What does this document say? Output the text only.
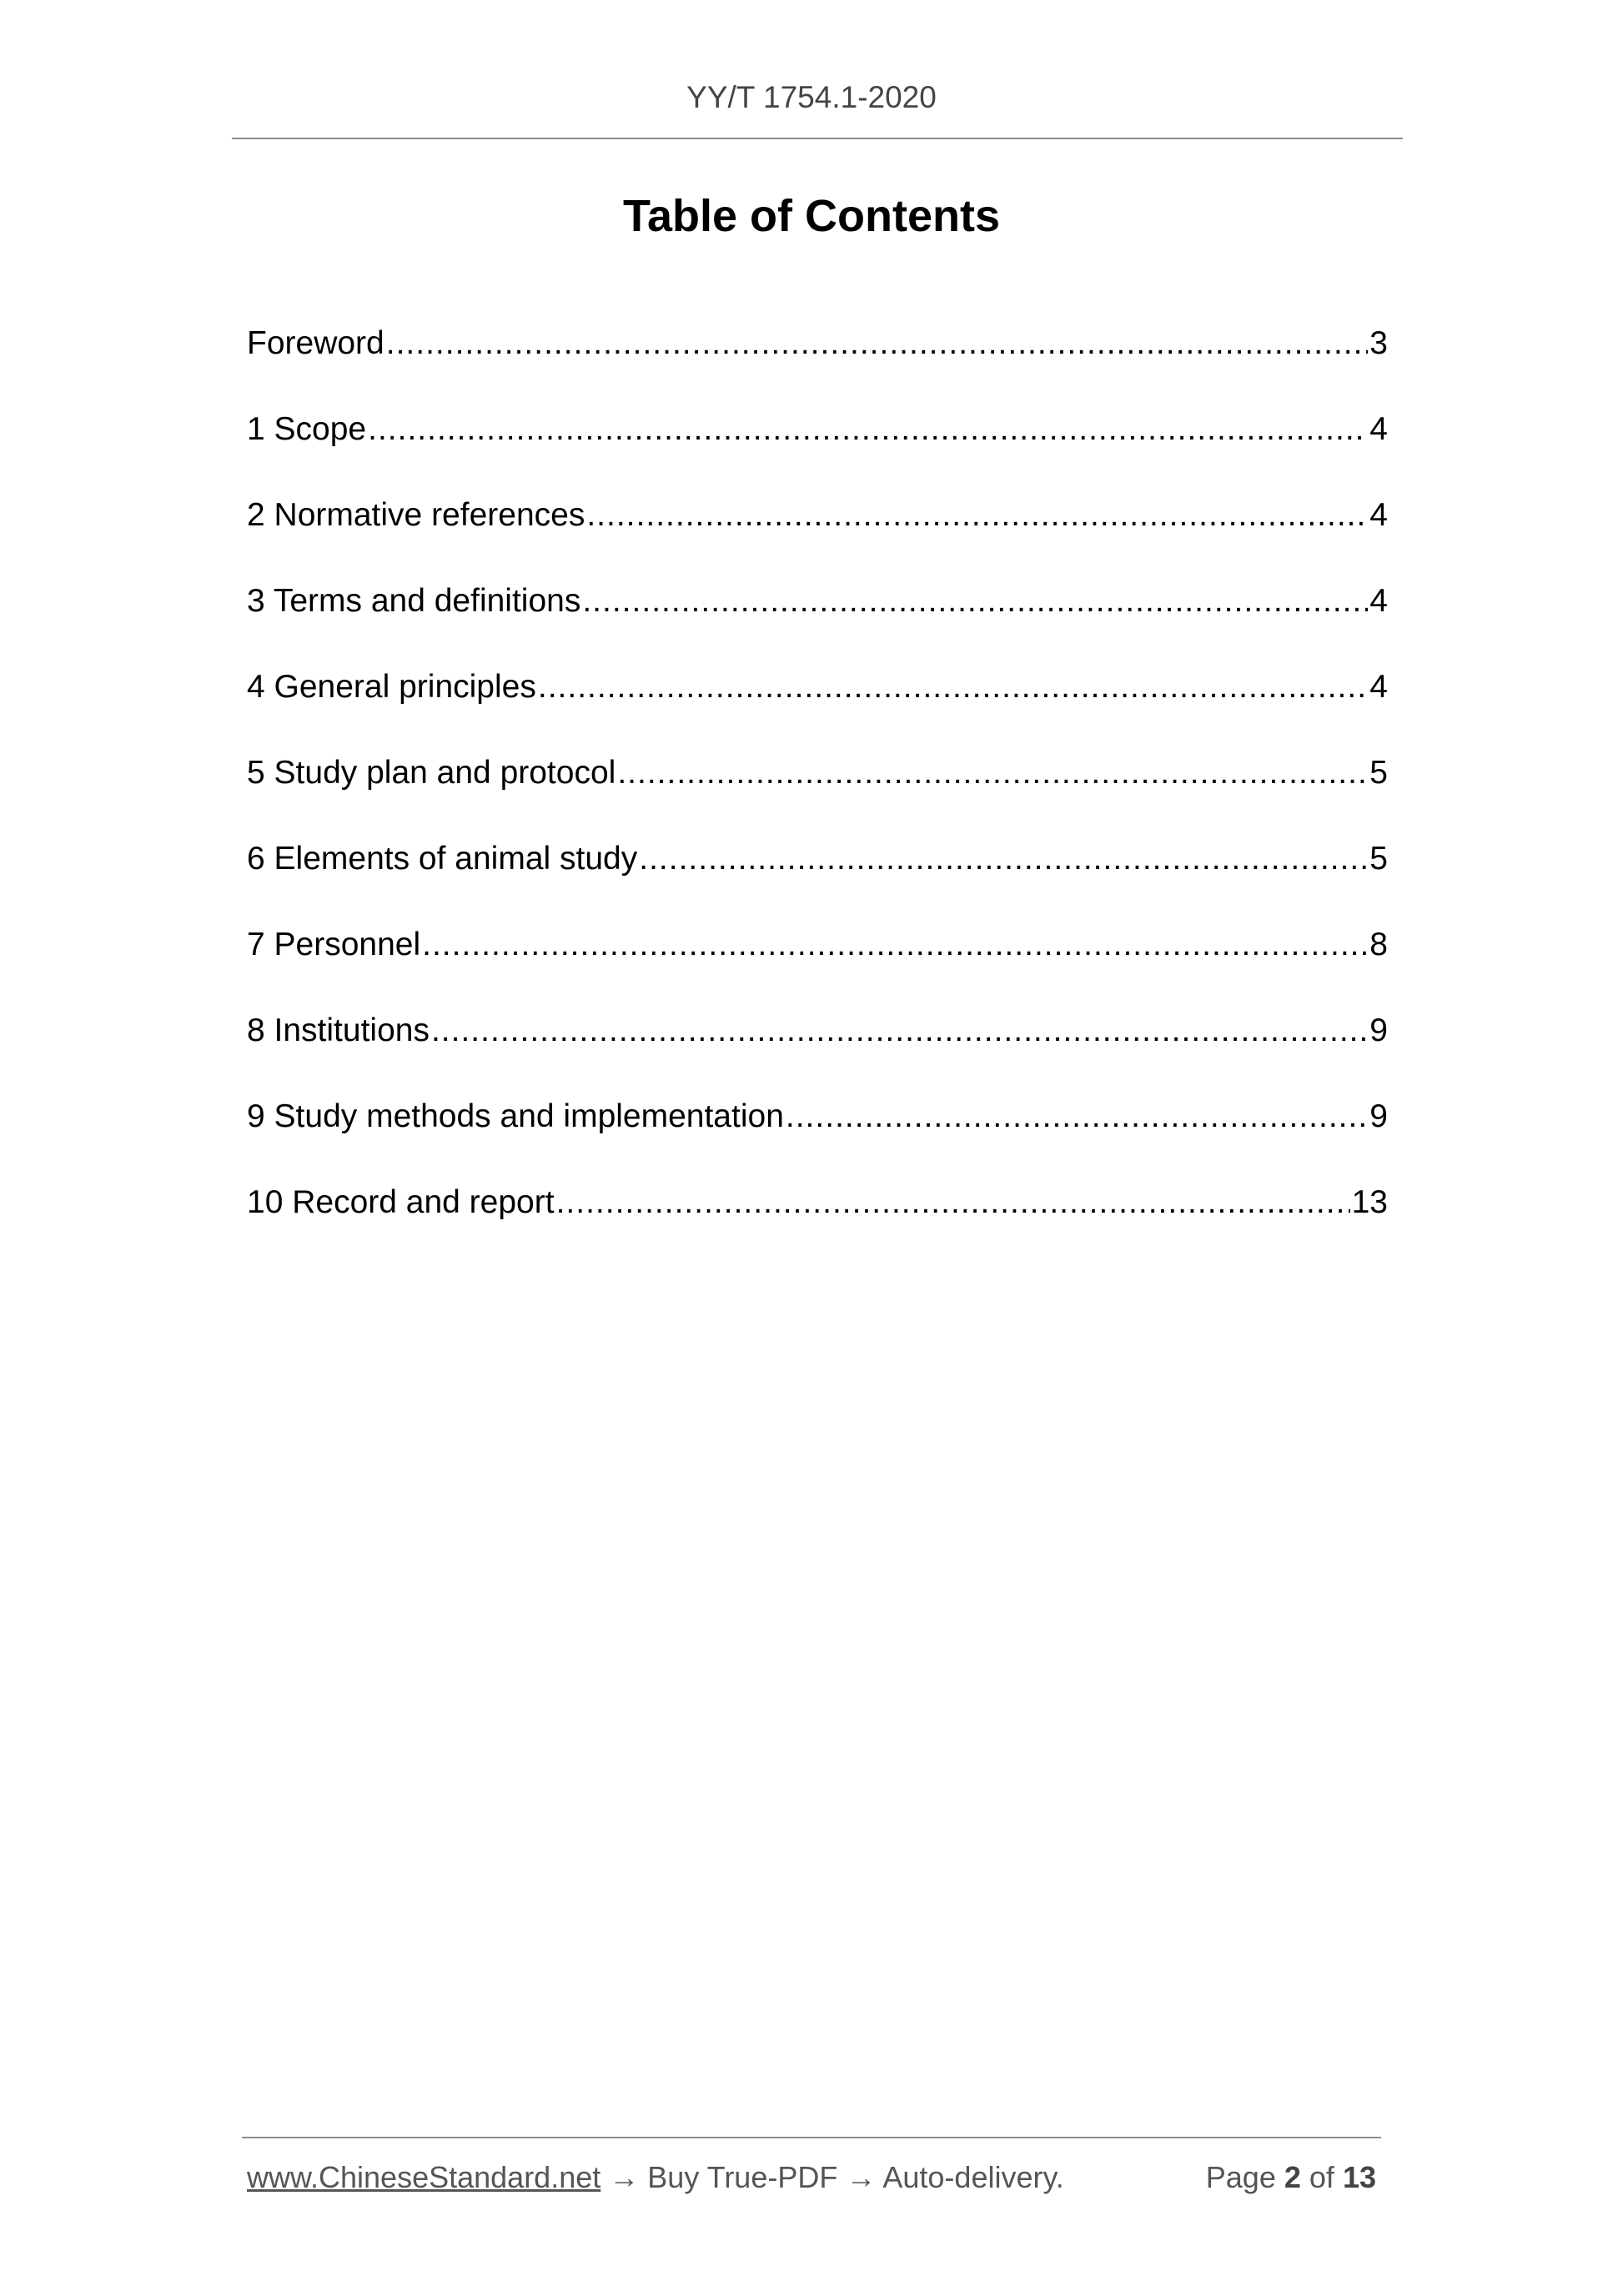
YY/T 1754.1-2020
Table of Contents
Foreword .....	3
1 Scope .....	4
2 Normative references .....	4
3 Terms and definitions .....	4
4 General principles .....	4
5 Study plan and protocol .....	5
6 Elements of animal study .....	5
7 Personnel .....	8
8 Institutions .....	9
9 Study methods and implementation .....	9
10 Record and report .....	13
www.ChineseStandard.net → Buy True-PDF → Auto-delivery.	Page 2 of 13
